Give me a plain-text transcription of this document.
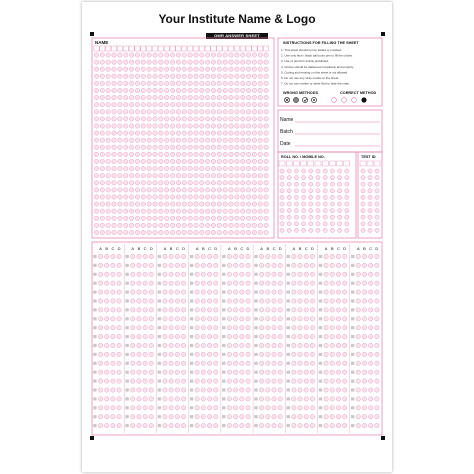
Your Institute Name & Logo
OMR ANSWER SHEET
NAME	INSTRUCTIONS FOR FILLING THE SHEET
1. This sheet should not be folded or crushed.
2. Use only blue / black ball point pen to fill the circles.
3. Use of pencil is strictly prohibited.
4. Circles should be darkened completely and properly.
5. Cutting and erasing on this sheet is not allowed.
6. Do not use any stray marks on the sheet.
7. Do not use marker or white fluid to hide the mark.
WRONG METHODS	CORRECT METHOD
Name
Batch
Date
ROLL NO. / MOBILE NO.	TEST ID
A B C D	A B C D	A B C D	A B C D	A B C D	A B C D	A B C D	A B C D	A B C D
